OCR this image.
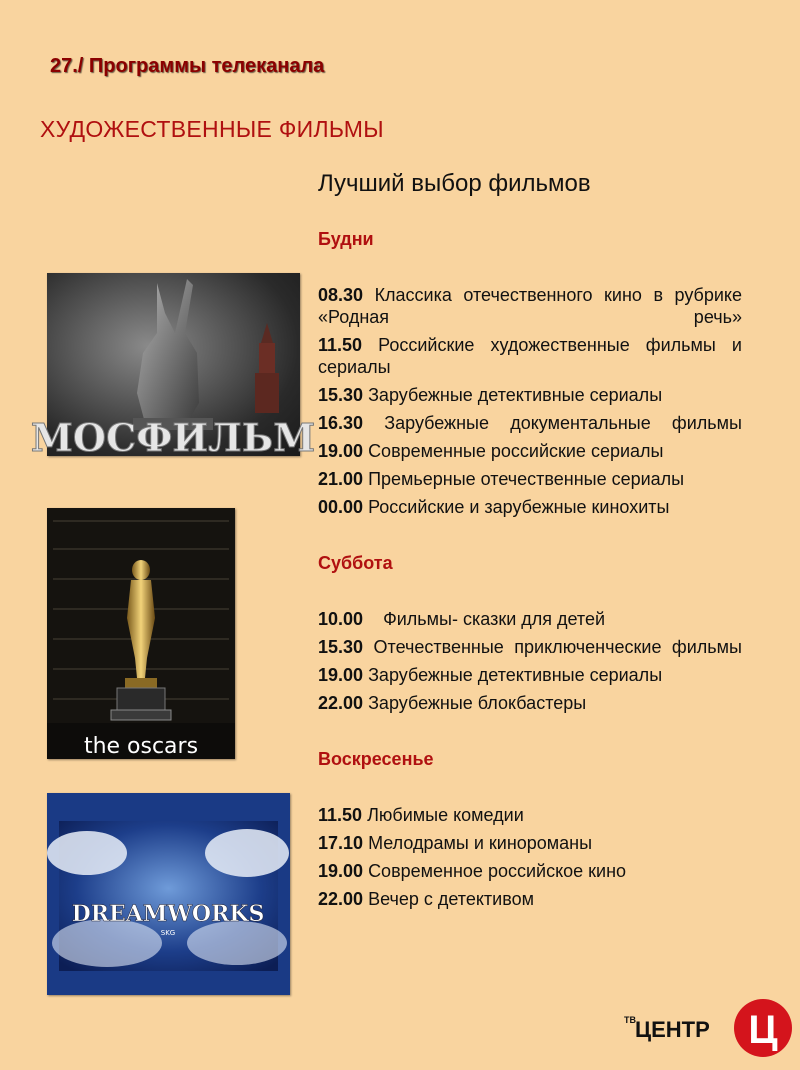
27./ Программы телеканала
ХУДОЖЕСТВЕННЫЕ ФИЛЬМЫ
Лучший выбор фильмов
Будни
08.30 Классика отечественного кино в рубрике «Родная речь»
11.50 Российские художественные фильмы и сериалы
15.30 Зарубежные детективные сериалы
16.30 Зарубежные документальные фильмы
19.00 Современные российские сериалы
21.00 Премьерные отечественные сериалы
00.00 Российские и зарубежные кинохиты
Суббота
10.00 Фильмы- сказки для детей
15.30 Отечественные приключенческие фильмы
19.00 Зарубежные детективные сериалы
22.00 Зарубежные блокбастеры
Воскресенье
11.50 Любимые комедии
17.10 Мелодрамы и кинороманы
19.00 Современное российское кино
22.00 Вечер с детективом
МОСФИЛЬМ
the oscars
DREAMWORKS
SKG
ТВ ЦЕНТР Ц
